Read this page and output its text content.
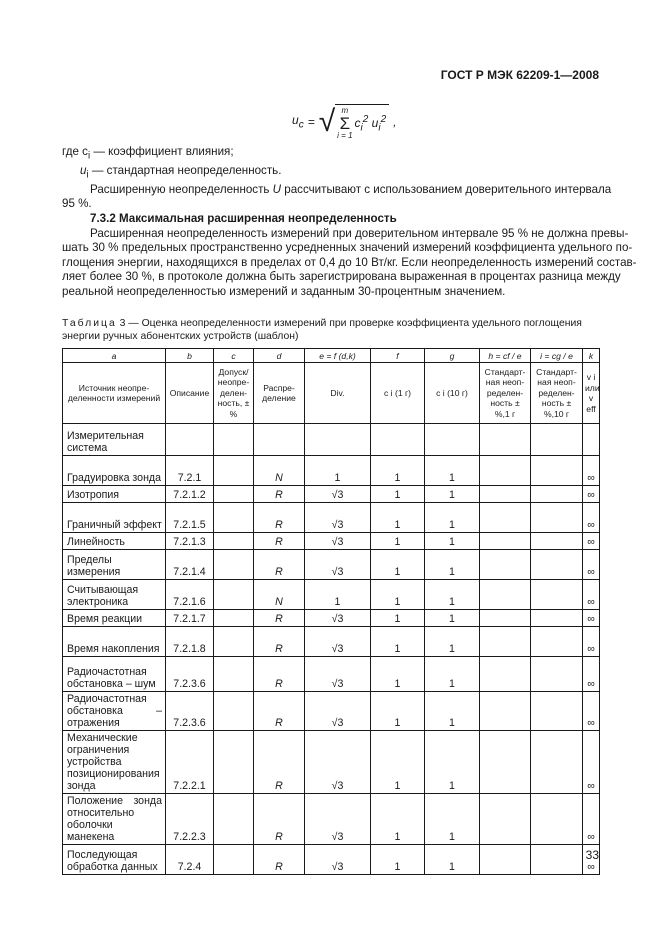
ГОСТ Р МЭК 62209-1—2008
$u_c$ = √ m
Σ
i = 1
$c_i^2$ $u_i^2$ ,
где $c_i$ — коэффициент влияния;
$u_i$ — стандартная неопределенность.
Расширенную неопределенность U рассчитывают с использованием доверительного интервала
95 %.
7.3.2 Максимальная расширенная неопределенность
Расширенная неопределенность измерений при доверительном интервале 95 % не должна превы-
шать 30 % предельных пространственно усредненных значений измерений коэффициента удельного по-
глощения энергии, находящихся в пределах от 0,4 до 10 Вт/кг. Если неопределенность измерений состав-
ляет более 30 %, в протоколе должна быть зарегистрирована выраженная в процентах разница между
реальной неопределенностью измерений и заданным 30-процентным значением.
Таблица 3 — Оценка неопределенности измерений при проверке коэффициента удельного поглощения
энергии ручных абонентских устройств (шаблон)
a	b	c	d	e = f (d,k)	f	g	h = cf / e	i = cg / e	k
Источник неопре-деленности измерений	Описание	Допуск/ неопре-делен-ность, ± %	Распре-деление	Div.	c i (1 г)	c i (10 г)	Стандарт-ная неоп-ределен-ность ± %,1 г	Стандарт-ная неоп-ределен-ность ± %,10 г	v i или v eff
Измерительная система									
Градуировка зонда	7.2.1		N	1	1	1			∞
Изотропия	7.2.1.2		R	√3	1	1			∞
Граничный эффект	7.2.1.5		R	√3	1	1			∞
Линейность	7.2.1.3		R	√3	1	1			∞
Пределы измерения	7.2.1.4		R	√3	1	1			∞
Считывающая электроника	7.2.1.6		N	1	1	1			∞
Время реакции	7.2.1.7		R	√3	1	1			∞
Время накопления	7.2.1.8		R	√3	1	1			∞
Радиочастотная обстановка – шум	7.2.3.6		R	√3	1	1			∞
Радиочастотная обстановка – отражения	7.2.3.6		R	√3	1	1			∞
Механические ограничения устройства позиционирования зонда	7.2.2.1		R	√3	1	1			∞
Положение зонда относительно оболочки манекена	7.2.2.3		R	√3	1	1			∞
Последующая обработка данных	7.2.4		R	√3	1	1			∞
33
